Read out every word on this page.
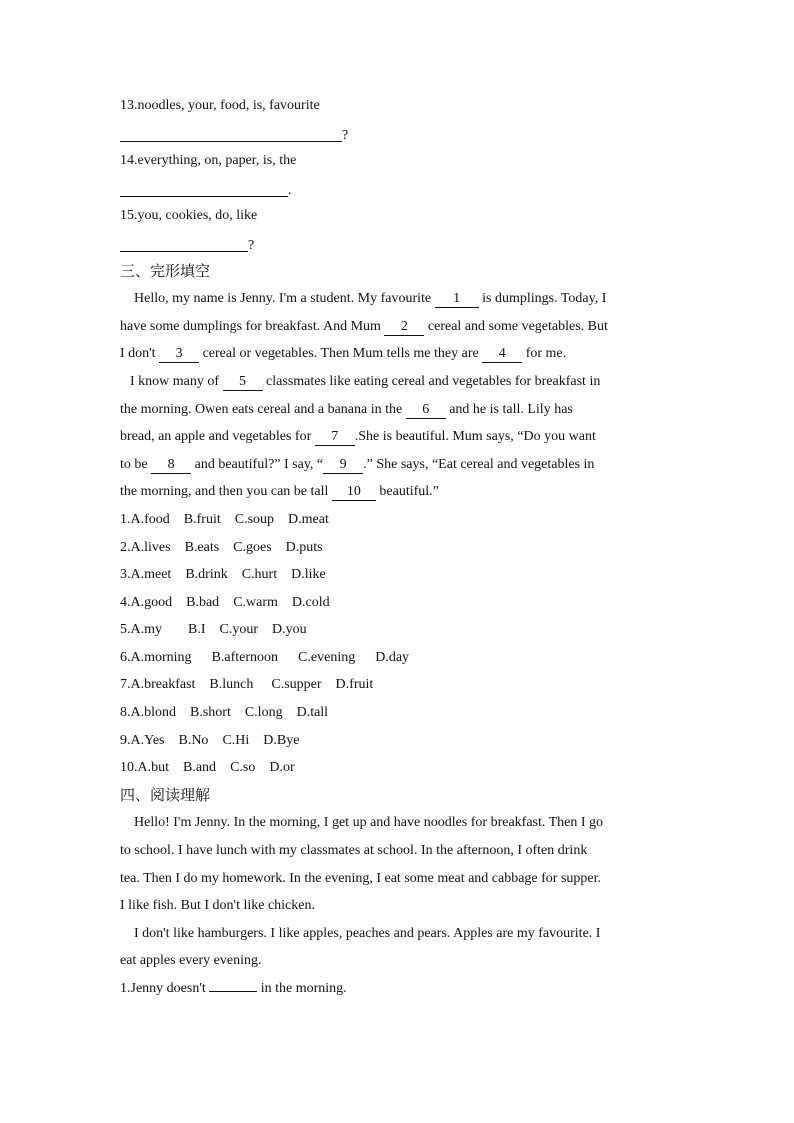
13.noodles, your, food, is, favourite
?
14.everything, on, paper, is, the
.
15.you, cookies, do, like
?
三、完形填空
Hello, my name is Jenny. I'm a student. My favourite 1 is dumplings. Today, I
have some dumplings for breakfast. And Mum 2 cereal and some vegetables. But
I don't 3 cereal or vegetables. Then Mum tells me they are 4 for me.
I know many of 5 classmates like eating cereal and vegetables for breakfast in
the morning. Owen eats cereal and a banana in the 6 and he is tall. Lily has
bread, an apple and vegetables for 7 .She is beautiful. Mum says, “Do you want
to be 8 and beautiful?” I say, “ 9 .” She says, “Eat cereal and vegetables in
the morning, and then you can be tall 10 beautiful.”
1.A.food B.fruit C.soup D.meat
2.A.lives B.eats C.goes D.puts
3.A.meet B.drink C.hurt D.like
4.A.good B.bad C.warm D.cold
5.A.my B.I C.your D.you
6.A.morning B.afternoon C.evening D.day
7.A.breakfast B.lunch C.supper D.fruit
8.A.blond B.short C.long D.tall
9.A.Yes B.No C.Hi D.Bye
10.A.but B.and C.so D.or
四、阅读理解
Hello! I'm Jenny. In the morning, I get up and have noodles for breakfast. Then I go
to school. I have lunch with my classmates at school. In the afternoon, I often drink
tea. Then I do my homework. In the evening, I eat some meat and cabbage for supper.
I like fish. But I don't like chicken.
I don't like hamburgers. I like apples, peaches and pears. Apples are my favourite. I
eat apples every evening.
1.Jenny doesn't	in the morning.
